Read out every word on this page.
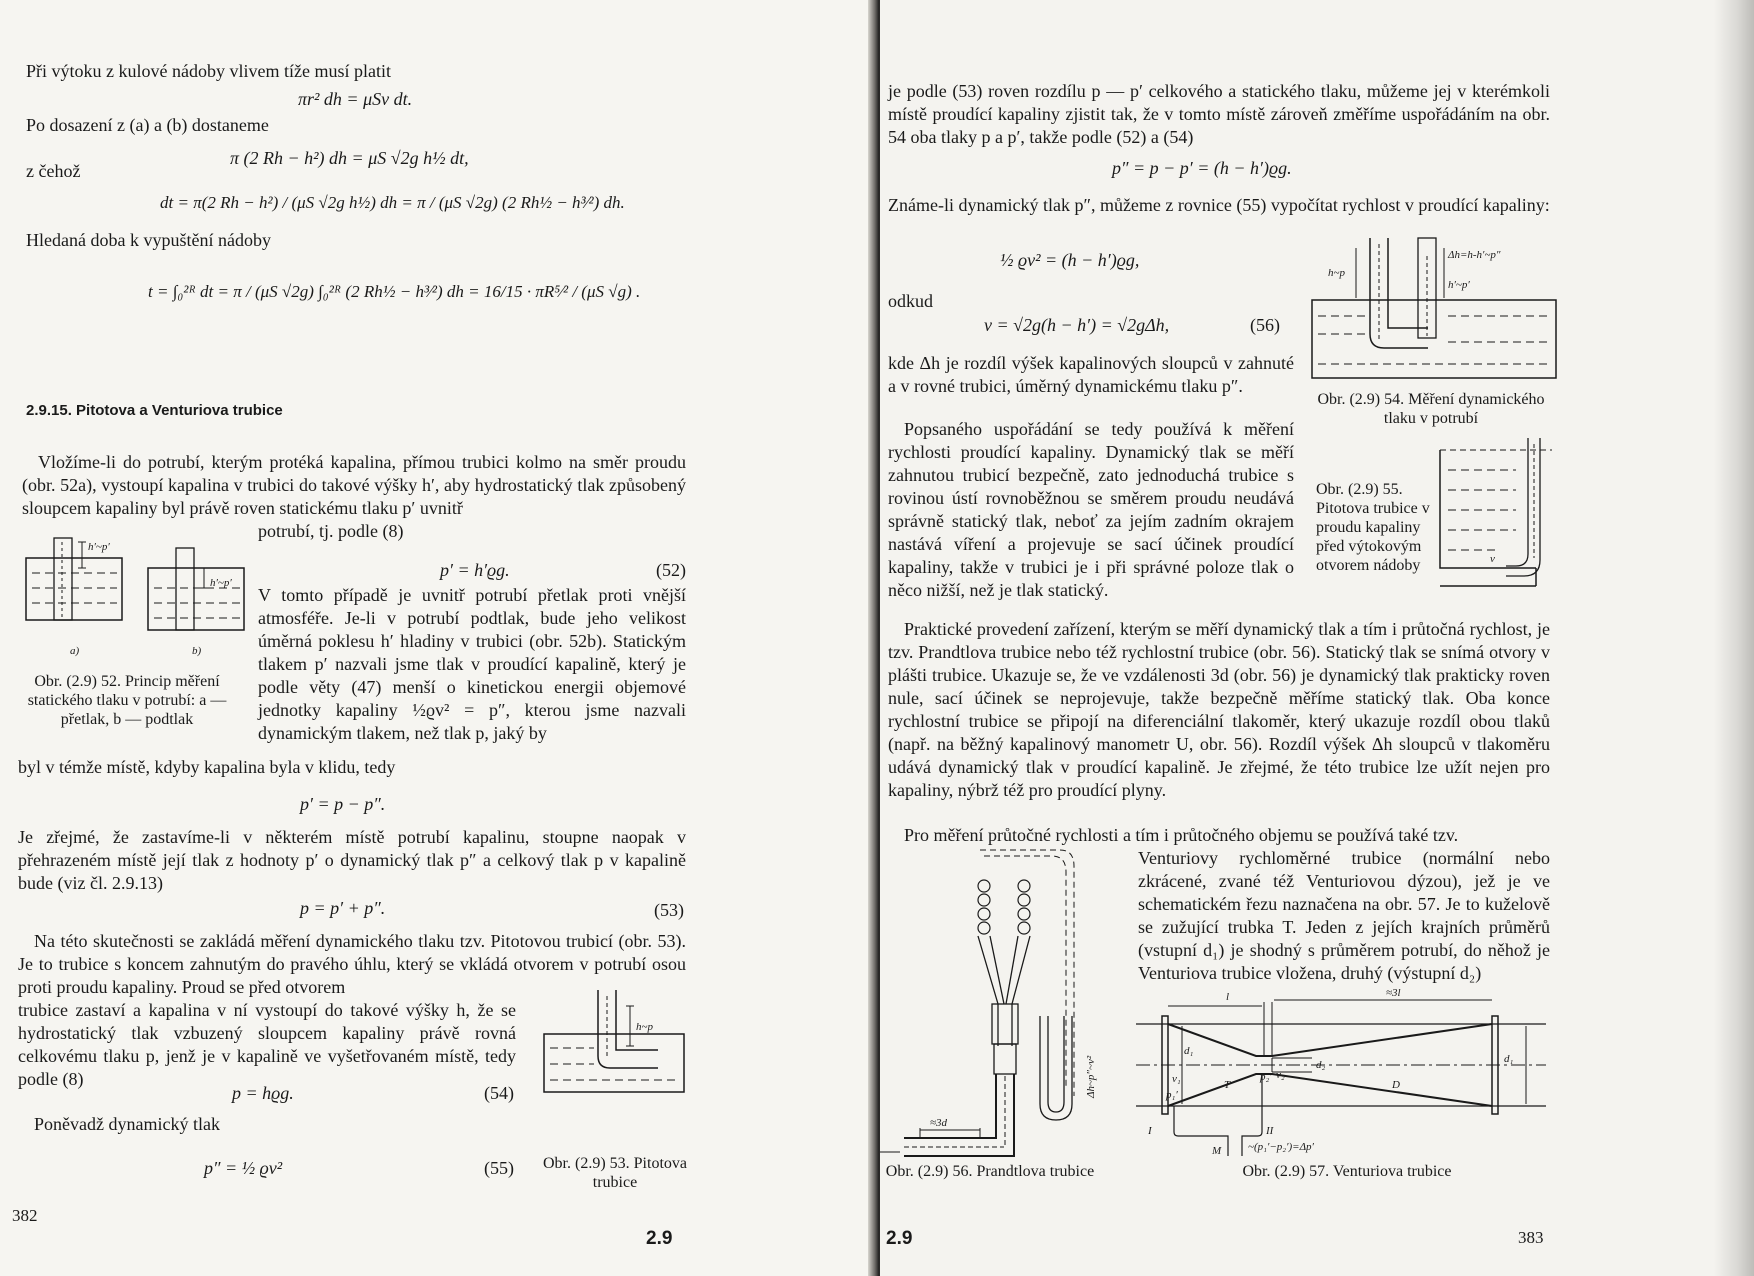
Při výtoku z kulové nádoby vlivem tíže musí platit
πr² dh = μSv dt.
Po dosazení z (a) a (b) dostaneme
π (2 Rh − h²) dh = μS √2g h½ dt,
z čehož
dt = π(2 Rh − h²) / (μS √2g h½) dh = π / (μS √2g) (2 Rh½ − h³⁄²) dh.
Hledaná doba k vypuštění nádoby
t = ∫₀²ᴿ dt = π / (μS √2g) ∫₀²ᴿ (2 Rh½ − h³⁄²) dh = 16/15 · πR⁵⁄² / (μS √g) .
2.9.15. Pitotova a Venturiova trubice
Vložíme-li do potrubí, kterým protéká kapalina, přímou trubici kolmo na směr proudu (obr. 52a), vystoupí kapalina v trubici do takové výšky h′, aby hydrostatický tlak způsobený sloupcem kapaliny byl právě roven statickému tlaku p′ uvnitř
potrubí, tj. podle (8)
p′ = h′ϱg.	(52)
h′~p′
h′~p′
a)	b)
V tomto případě je uvnitř potrubí přetlak proti vnější atmosféře. Je-li v potrubí podtlak, bude jeho velikost úměrná poklesu h′ hladiny v trubici (obr. 52b). Statickým tlakem p′ nazvali jsme tlak v proudící kapalině, který je podle věty (47) menší o kinetickou energii objemové jednotky kapaliny ½ϱv² = p″, kterou jsme nazvali dynamickým tlakem, než tlak p, jaký by
Obr. (2.9) 52. Princip měření statického tlaku v potrubí: a — přetlak, b — podtlak
byl v témže místě, kdyby kapalina byla v klidu, tedy
p′ = p − p″.
Je zřejmé, že zastavíme-li v některém místě potrubí kapalinu, stoupne naopak v přehrazeném místě její tlak z hodnoty p′ o dynamický tlak p″ a celkový tlak p v kapalině bude (viz čl. 2.9.13)
p = p′ + p″.	(53)
Na této skutečnosti se zakládá měření dynamického tlaku tzv. Pitotovou trubicí (obr. 53). Je to trubice s koncem zahnutým do pravého úhlu, který se vkládá otvorem v potrubí osou proti proudu kapaliny. Proud se před otvorem
trubice zastaví a kapalina v ní vystoupí do takové výšky h, že se hydrostatický tlak vzbuzený sloupcem kapaliny právě rovná celkovému tlaku p, jenž je v kapalině ve vyšetřovaném místě, tedy podle (8)
h~p
p = hϱg.	(54)
Poněvadž dynamický tlak
p″ = ½ ϱv²	(55) Obr. (2.9) 53. Pitotova trubice
382
2.9
je podle (53) roven rozdílu p — p′ celkového a statického tlaku, můžeme jej v kterémkoli místě proudící kapaliny zjistit tak, že v tomto místě zároveň změříme uspořádáním na obr. 54 oba tlaky p a p′, takže podle (52) a (54)
p″ = p − p′ = (h − h′)ϱg.
Známe-li dynamický tlak p″, můžeme z rovnice (55) vypočítat rychlost v proudící kapaliny:
½ ϱv² = (h − h′)ϱg,
odkud
v = √2g(h − h′) = √2gΔh,	(56)
kde Δh je rozdíl výšek kapalinových sloupců v zahnuté a v rovné trubici, úměrný dynamickému tlaku p″.
Popsaného uspořádání se tedy používá k měření rychlosti proudící kapaliny. Dynamický tlak se měří zahnutou trubicí bezpečně, zato jednoduchá trubice s rovinou ústí rovnoběžnou se směrem proudu neudává správně statický tlak, neboť za jejím zadním okrajem nastává víření a projevuje se sací účinek proudící kapaliny, takže v trubici je i při správné poloze tlak o něco nižší, než je tlak statický.
h~p
Δh=h-h′~p″
h′~p′
Obr. (2.9) 54. Měření dynamického tlaku v potrubí
Obr. (2.9) 55. Pitotova trubice v proudu kapaliny před výtokovým otvorem nádoby	v
Praktické provedení zařízení, kterým se měří dynamický tlak a tím i průtočná rychlost, je tzv. Prandtlova trubice nebo též rychlostní trubice (obr. 56). Statický tlak se snímá otvory v plášti trubice. Ukazuje se, že ve vzdálenosti 3d (obr. 56) je dynamický tlak prakticky roven nule, sací účinek se neprojevuje, takže bezpečně měříme statický tlak. Oba konce rychlostní trubice se připojí na diferenciální tlakoměr, který ukazuje rozdíl obou tlaků (např. na běžný kapalinový manometr U, obr. 56). Rozdíl výšek Δh sloupců v tlakoměru udává dynamický tlak v proudící kapalině. Je zřejmé, že této trubice lze užít nejen pro kapaliny, nýbrž též pro proudící plyny.
Pro měření průtočné rychlosti a tím i průtočného objemu se používá také tzv.
Venturiovy rychloměrné trubice (normální nebo zkrácené, zvané též Venturiovou dýzou), jež je ve schematickém řezu naznačena na obr. 57. Je to kuželově se zužující trubka T. Jeden z jejích krajních průměrů (vstupní d₁) je shodný s průměrem potrubí, do něhož je Venturiova trubice vložena, druhý (výstupní d₂)
≈3d
Δh~p″~v²
Obr. (2.9) 56. Prandtlova trubice
l	≈3l
d₁
v₁
p₁′
T
p₂′ v₂
d₂
D
d₁
I	II
M ~(p₁′−p₂′)=Δp′
Obr. (2.9) 57. Venturiova trubice
2.9	383
